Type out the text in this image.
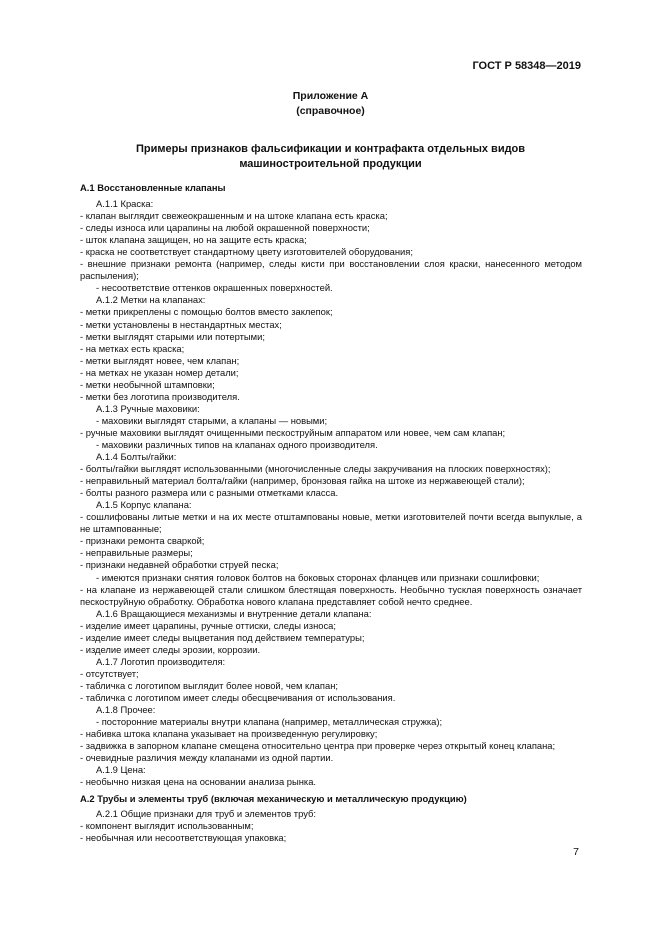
ГОСТ Р 58348—2019
Приложение А
(справочное)
Примеры признаков фальсификации и контрафакта отдельных видов
машиностроительной продукции
А.1 Восстановленные клапаны
А.1.1 Краска:
- клапан выглядит свежеокрашенным и на штоке клапана есть краска;
- следы износа или царапины на любой окрашенной поверхности;
- шток клапана защищен, но на защите есть краска;
- краска не соответствует стандартному цвету изготовителей оборудования;
- внешние признаки ремонта (например, следы кисти при восстановлении слоя краски, нанесенного методом распыления);
- несоответствие оттенков окрашенных поверхностей.
А.1.2 Метки на клапанах:
- метки прикреплены с помощью болтов вместо заклепок;
- метки установлены в нестандартных местах;
- метки выглядят старыми или потертыми;
- на метках есть краска;
- метки выглядят новее, чем клапан;
- на метках не указан номер детали;
- метки необычной штамповки;
- метки без логотипа производителя.
А.1.3 Ручные маховики:
- маховики выглядят старыми, а клапаны — новыми;
- ручные маховики выглядят очищенными пескоструйным аппаратом или новее, чем сам клапан;
- маховики различных типов на клапанах одного производителя.
А.1.4 Болты/гайки:
- болты/гайки выглядят использованными (многочисленные следы закручивания на плоских поверхностях);
- неправильный материал болта/гайки (например, бронзовая гайка на штоке из нержавеющей стали);
- болты разного размера или с разными отметками класса.
А.1.5 Корпус клапана:
- сошлифованы литые метки и на их месте отштампованы новые, метки изготовителей почти всегда выпуклые, а не штампованные;
- признаки ремонта сваркой;
- неправильные размеры;
- признаки недавней обработки струей песка;
- имеются признаки снятия головок болтов на боковых сторонах фланцев или признаки сошлифовки;
- на клапане из нержавеющей стали слишком блестящая поверхность. Необычно тусклая поверхность означает пескоструйную обработку. Обработка нового клапана представляет собой нечто среднее.
А.1.6 Вращающиеся механизмы и внутренние детали клапана:
- изделие имеет царапины, ручные оттиски, следы износа;
- изделие имеет следы выцветания под действием температуры;
- изделие имеет следы эрозии, коррозии.
А.1.7 Логотип производителя:
- отсутствует;
- табличка с логотипом выглядит более новой, чем клапан;
- табличка с логотипом имеет следы обесцвечивания от использования.
А.1.8 Прочее:
- посторонние материалы внутри клапана (например, металлическая стружка);
- набивка штока клапана указывает на произведенную регулировку;
- задвижка в запорном клапане смещена относительно центра при проверке через открытый конец клапана;
- очевидные различия между клапанами из одной партии.
А.1.9 Цена:
- необычно низкая цена на основании анализа рынка.
А.2 Трубы и элементы труб (включая механическую и металлическую продукцию)
А.2.1 Общие признаки для труб и элементов труб:
- компонент выглядит использованным;
- необычная или несоответствующая упаковка;
7
